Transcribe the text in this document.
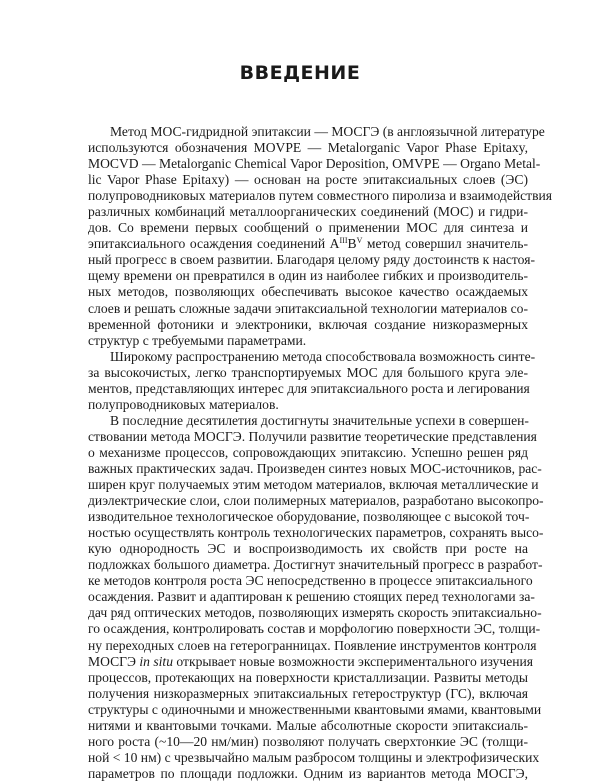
ВВЕДЕНИЕ
Метод МОС-гидридной эпитаксии — МОСГЭ (в англоязычной литературе
используются обозначения MOVPE — Metalorganic Vapor Phase Epitaxy,
MOCVD — Metalorganic Chemical Vapor Deposition, OMVPE — Organo Metal-
lic Vapor Phase Epitaxy) — основан на росте эпитаксиальных слоев (ЭС)
полупроводниковых материалов путем совместного пиролиза и взаимодействия
различных комбинаций металлоорганических соединений (МОС) и гидри-
дов. Со времени первых сообщений о применении МОС для синтеза и
эпитаксиального осаждения соединений $A^{III}B^V$ метод совершил значитель-
ный прогресс в своем развитии. Благодаря целому ряду достоинств к настоя-
щему времени он превратился в один из наиболее гибких и производитель-
ных методов, позволяющих обеспечивать высокое качество осаждаемых
слоев и решать сложные задачи эпитаксиальной технологии материалов со-
временной фотоники и электроники, включая создание низкоразмерных
структур с требуемыми параметрами.
Широкому распространению метода способствовала возможность синте-
за высокочистых, легко транспортируемых МОС для большого круга эле-
ментов, представляющих интерес для эпитаксиального роста и легирования
полупроводниковых материалов.
В последние десятилетия достигнуты значительные успехи в совершен-
ствовании метода МОСГЭ. Получили развитие теоретические представления
о механизме процессов, сопровождающих эпитаксию. Успешно решен ряд
важных практических задач. Произведен синтез новых МОС-источников, рас-
ширен круг получаемых этим методом материалов, включая металлические и
диэлектрические слои, слои полимерных материалов, разработано высокопро-
изводительное технологическое оборудование, позволяющее с высокой точ-
ностью осуществлять контроль технологических параметров, сохранять высо-
кую однородность ЭС и воспроизводимость их свойств при росте на
подложках большого диаметра. Достигнут значительный прогресс в разработ-
ке методов контроля роста ЭС непосредственно в процессе эпитаксиального
осаждения. Развит и адаптирован к решению стоящих перед технологами за-
дач ряд оптических методов, позволяющих измерять скорость эпитаксиально-
го осаждения, контролировать состав и морфологию поверхности ЭС, толщи-
ну переходных слоев на гетерогранницах. Появление инструментов контроля
МОСГЭ in situ открывает новые возможности экспериментального изучения
процессов, протекающих на поверхности кристаллизации. Развиты методы
получения низкоразмерных эпитаксиальных гетероструктур (ГС), включая
структуры с одиночными и множественными квантовыми ямами, квантовыми
нитями и квантовыми точками. Малые абсолютные скорости эпитаксиаль-
ного роста (~10—20 нм/мин) позволяют получать сверхтонкие ЭС (толщи-
ной < 10 нм) с чрезвычайно малым разбросом толщины и электрофизических
параметров по площади подложки. Одним из вариантов метода МОСГЭ,
